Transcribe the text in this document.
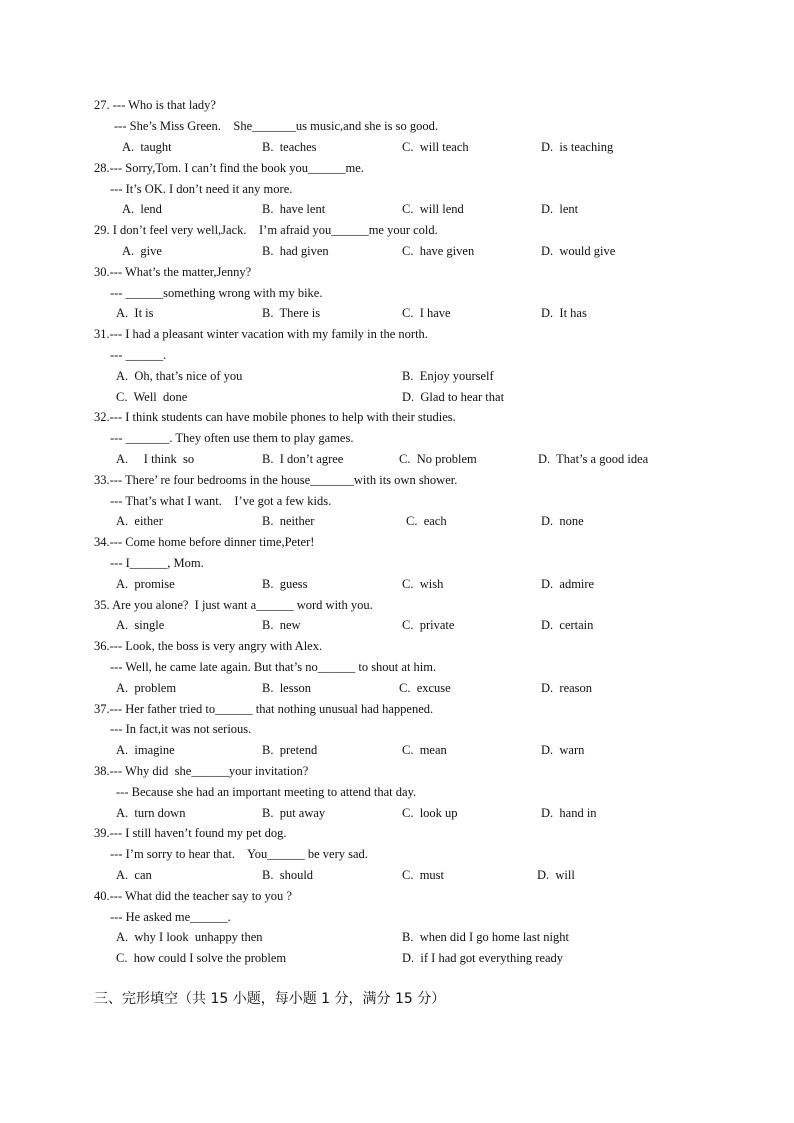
27. --- Who is that lady?
--- She’s Miss Green.    She_______us music,and she is so good.
A.  taught	B.  teaches	C.  will teach	D.  is teaching
28.--- Sorry,Tom. I can’t find the book you______me.
--- It’s OK. I don’t need it any more.
A.  lend	B.  have lent	C.  will lend	D.  lent
29. I don’t feel very well,Jack.    I’m afraid you______me your cold.
A.  give	B.  had given	C.  have given	D.  would give
30.--- What’s the matter,Jenny?
--- ______something wrong with my bike.
A.  It is	B.  There is	C.  I have	D.  It has
31.--- I had a pleasant winter vacation with my family in the north.
--- ______.
A.  Oh, that’s nice of you	B.  Enjoy yourself
C.  Well  done	D.  Glad to hear that
32.--- I think students can have mobile phones to help with their studies.
--- _______. They often use them to play games.
A.     I think  so	B.  I don’t agree	C.  No problem	D.  That’s a good idea
33.--- There’ re four bedrooms in the house_______with its own shower.
--- That’s what I want.    I’ve got a few kids.
A.  either	B.  neither	C.  each	D.  none
34.--- Come home before dinner time,Peter!
--- I______, Mom.
A.  promise	B.  guess	C.  wish	D.  admire
35. Are you alone?  I just want a______ word with you.
A.  single	B.  new	C.  private	D.  certain
36.--- Look, the boss is very angry with Alex.
--- Well, he came late again. But that’s no______ to shout at him.
A.  problem	B.  lesson	C.  excuse	D.  reason
37.--- Her father tried to______ that nothing unusual had happened.
--- In fact,it was not serious.
A.  imagine	B.  pretend	C.  mean	D.  warn
38.--- Why did  she______your invitation?
--- Because she had an important meeting to attend that day.
A.  turn down	B.  put away	C.  look up	D.  hand in
39.--- I still haven’t found my pet dog.
--- I’m sorry to hear that.    You______ be very sad.
A.  can	B.  should	C.  must	D.  will
40.--- What did the teacher say to you ?
--- He asked me______.
A.  why I look  unhappy then	B.  when did I go home last night
C.  how could I solve the problem	D.  if I had got everything ready
三、完形填空（共 15 小题，每小题 1 分，满分 15 分）
